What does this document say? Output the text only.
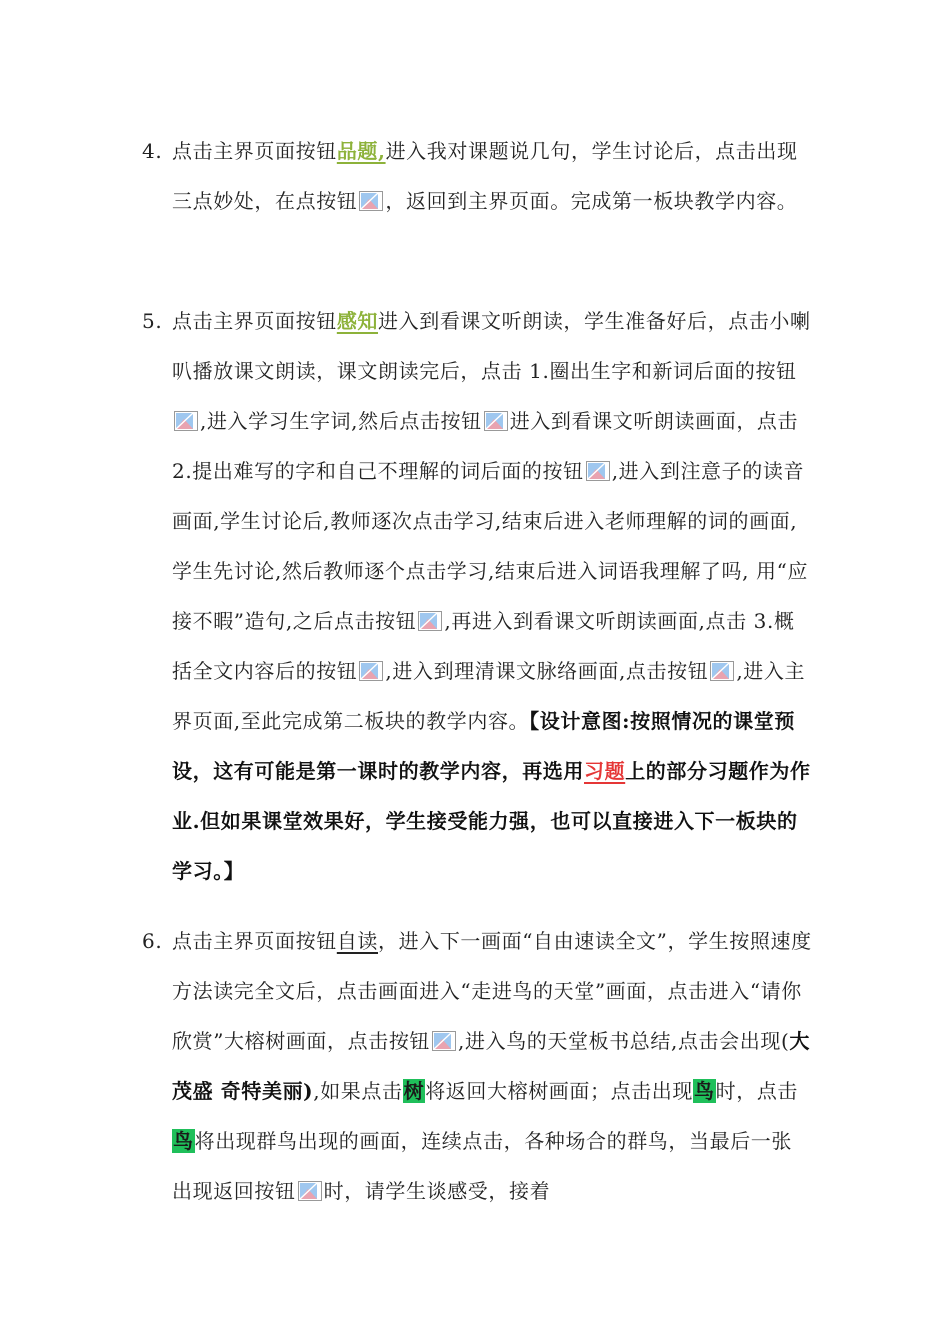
4. 点击主界页面按钮品题,进入我对课题说几句，学生讨论后，点击出现三点妙处，在点按钮 ，返回到主界页面。完成第一板块教学内容。
5. 点击主界页面按钮感知进入到看课文听朗读，学生准备好后，点击小喇叭播放课文朗读，课文朗读完后，点击 1.圈出生字和新词后面的按钮
,进入学习生字词,然后点击按钮 进入到看课文听朗读画面，点击 2.提出难写的字和自己不理解的词后面的按钮 ,进入到注意子的读音画面,学生讨论后,教师逐次点击学习,结束后进入老师理解的词的画面,学生先讨论,然后教师逐个点击学习,结束后进入词语我理解了吗, 用“应接不暇”造句,之后点击按钮 ,再进入到看课文听朗读画面,点击 3.概括全文内容后的按钮 ,进入到理清课文脉络画面,点击按钮 ,进入主界页面,至此完成第二板块的教学内容。【设计意图:按照情况的课堂预设，这有可能是第一课时的教学内容，再选用习题上的部分习题作为作业.但如果课堂效果好，学生接受能力强，也可以直接进入下一板块的学习。】
6. 点击主界页面按钮自读，进入下一画面“自由速读全文”，学生按照速度方法读完全文后，点击画面进入“走进鸟的天堂”画面，点击进入“请你欣赏”大榕树画面，点击按钮 ,进入鸟的天堂板书总结,点击会出现(大 茂盛 奇特美丽),如果点击树将返回大榕树画面；点击出现鸟时，点击鸟将出现群鸟出现的画面，连续点击，各种场合的群鸟，当最后一张出现返回按钮 时，请学生谈感受，接着
